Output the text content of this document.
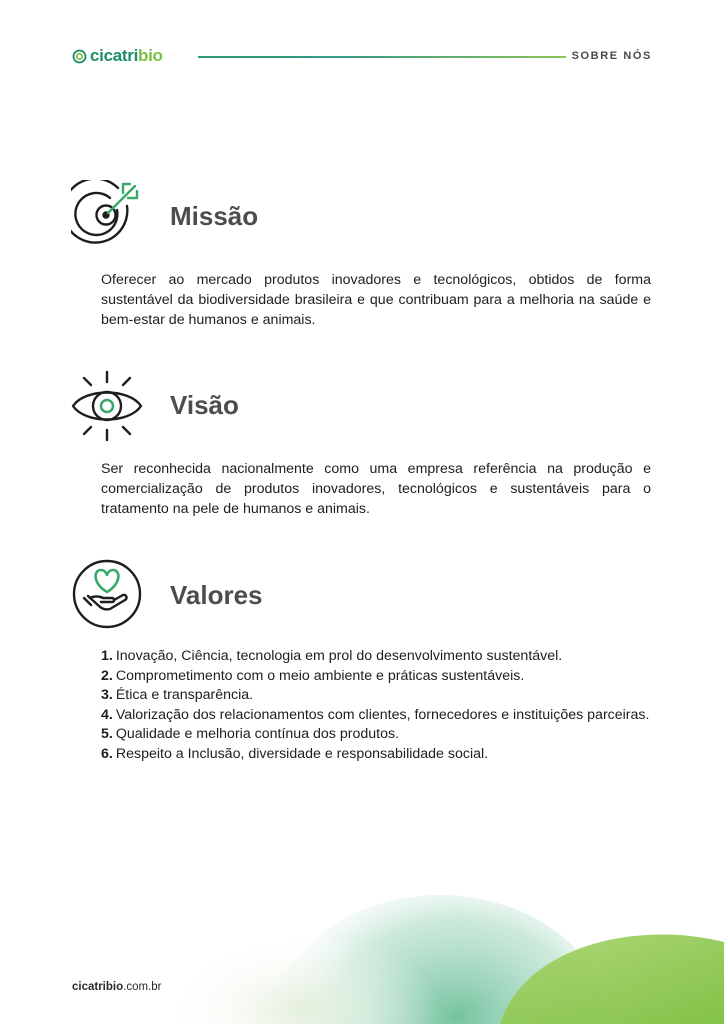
cicatri bio	SOBRE NÓS
Missão

Oferecer ao mercado produtos inovadores e tecnológicos, obtidos de forma sustentável da biodiversidade brasileira e que contribuam para a melhoria na saúde e bem-estar de humanos e animais.

Visão

Ser reconhecida nacionalmente como uma empresa referência na produção e comercialização de produtos inovadores, tecnológicos e sustentáveis para o tratamento na pele de humanos e animais.

Valores
1. Inovação, Ciência, tecnologia em prol do desenvolvimento sustentável.
2. Comprometimento com o meio ambiente e práticas sustentáveis.
3. Ética e transparência.
4. Valorização dos relacionamentos com clientes, fornecedores e instituições parceiras.
5. Qualidade e melhoria contínua dos produtos.
6. Respeito a Inclusão, diversidade e responsabilidade social.
cicatribio.com.br
